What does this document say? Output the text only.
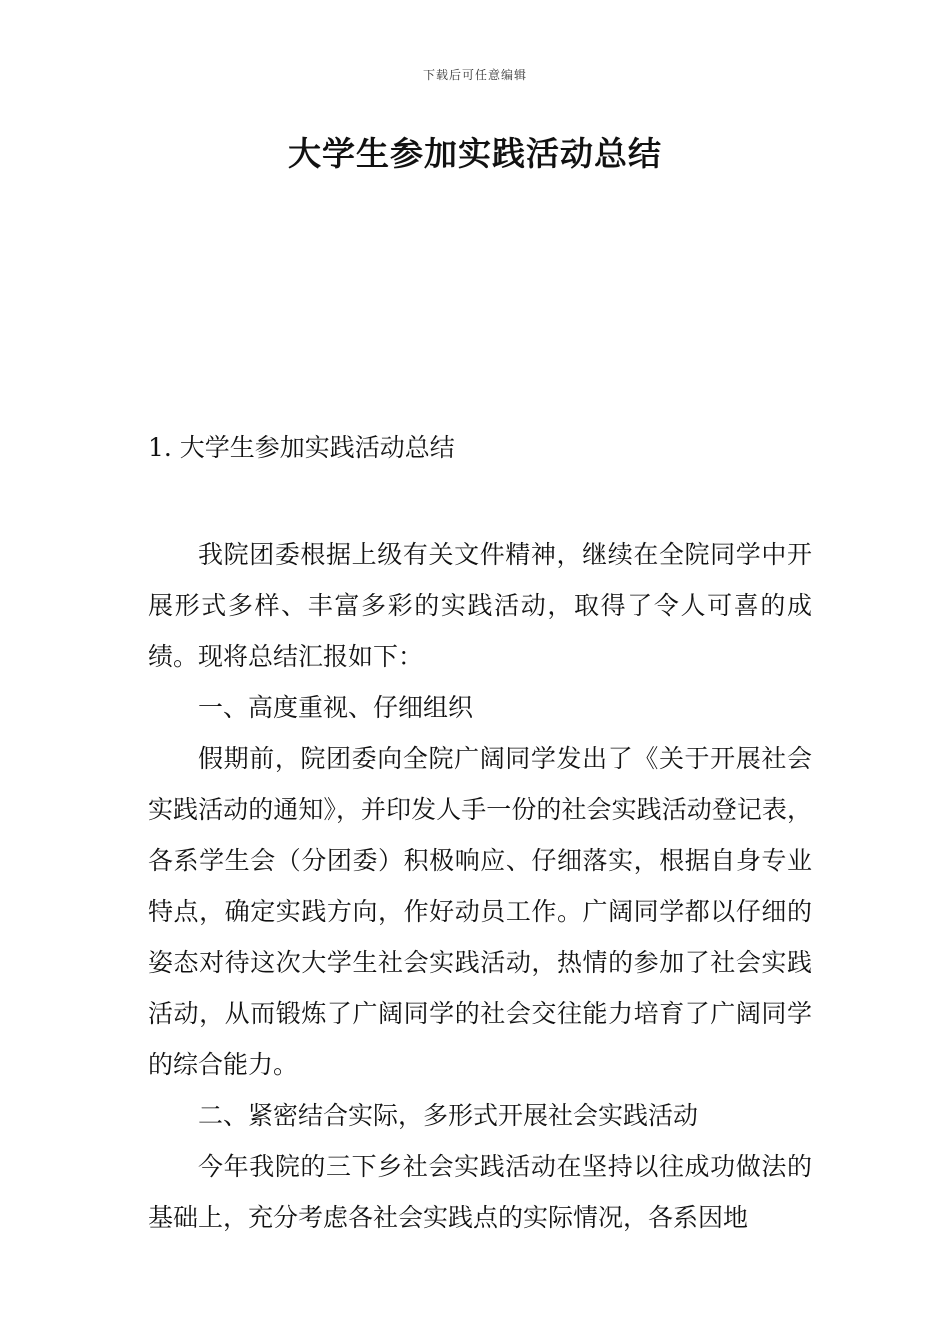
下载后可任意编辑
大学生参加实践活动总结
1. 大学生参加实践活动总结

我院团委根据上级有关文件精神，继续在全院同学中开展形式多样、丰富多彩的实践活动，取得了令人可喜的成绩。现将总结汇报如下：

一、高度重视、仔细组织

假期前，院团委向全院广阔同学发出了《关于开展社会实践活动的通知》，并印发人手一份的社会实践活动登记表，各系学生会（分团委）积极响应、仔细落实，根据自身专业特点，确定实践方向，作好动员工作。广阔同学都以仔细的姿态对待这次大学生社会实践活动，热情的参加了社会实践活动，从而锻炼了广阔同学的社会交往能力培育了广阔同学的综合能力。

二、紧密结合实际，多形式开展社会实践活动

今年我院的三下乡社会实践活动在坚持以往成功做法的基础上，充分考虑各社会实践点的实际情况，各系因地
